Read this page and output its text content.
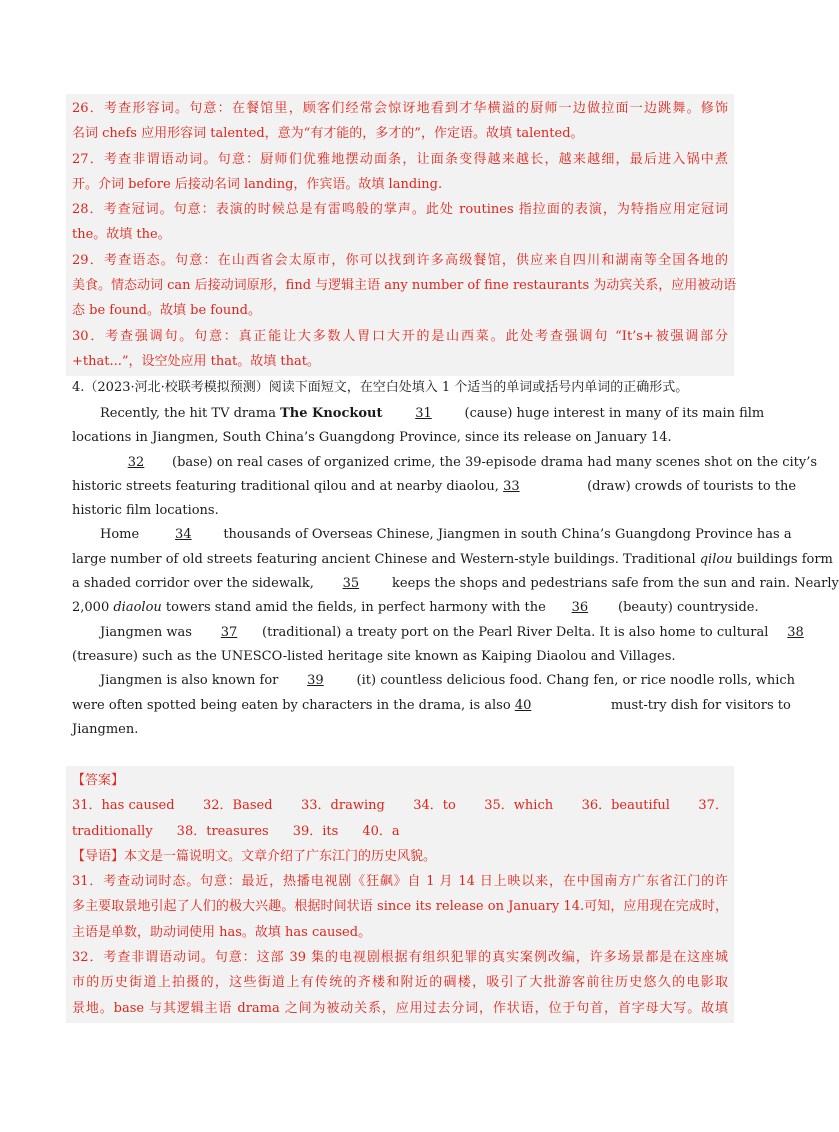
26．考查形容词。句意：在餐馆里，顾客们经常会惊讶地看到才华横溢的厨师一边做拉面一边跳舞。修饰
名词 chefs 应用形容词 talented，意为“有才能的，多才的”，作定语。故填 talented。
27．考查非谓语动词。句意：厨师们优雅地摆动面条，让面条变得越来越长，越来越细，最后进入锅中煮
开。介词 before 后接动名词 landing，作宾语。故填 landing.
28．考查冠词。句意：表演的时候总是有雷鸣般的掌声。此处 routines 指拉面的表演，为特指应用定冠词
the。故填 the。
29．考查语态。句意：在山西省会太原市，你可以找到许多高级餐馆，供应来自四川和湖南等全国各地的
美食。情态动词 can 后接动词原形，find 与逻辑主语 any number of fine restaurants 为动宾关系，应用被动语
态 be found。故填 be found。
30．考查强调句。句意：真正能让大多数人胃口大开的是山西菜。此处考查强调句 “It’s+被强调部分
+that...”，设空处应用 that。故填 that。
4.（2023·河北·校联考模拟预测）阅读下面短文，在空白处填入 1 个适当的单词或括号内单词的正确形式。
Recently, the hit TV drama The Knockout	31	(cause) huge interest in many of its main film
locations in Jiangmen, South China’s Guangdong Province, since its release on January 14.
32 (base) on real cases of organized crime, the 39-episode drama had many scenes shot on the city’s
historic streets featuring traditional qilou and at nearby diaolou, 33	(draw) crowds of tourists to the
historic film locations.
Home	34 thousands of Overseas Chinese, Jiangmen in south China’s Guangdong Province has a
large number of old streets featuring ancient Chinese and Western-style buildings. Traditional qilou buildings form
a shaded corridor over the sidewalk, 35 keeps the shops and pedestrians safe from the sun and rain. Nearly
2,000 diaolou towers stand amid the fields, in perfect harmony with the 36 (beauty) countryside.
Jiangmen was 37 (traditional) a treaty port on the Pearl River Delta. It is also home to cultural 38
(treasure) such as the UNESCO-listed heritage site known as Kaiping Diaolou and Villages.
Jiangmen is also known for 39 (it) countless delicious food. Chang fen, or rice noodle rolls, which
were often spotted being eaten by characters in the drama, is also 40	must-try dish for visitors to
Jiangmen.
【答案】
31．has caused 32．Based 33．drawing 34．to 35．which 36．beautiful 37．
traditionally 38．treasures 39．its 40．a
【导语】本文是一篇说明文。文章介绍了广东江门的历史风貌。
31．考查动词时态。句意：最近，热播电视剧《狂飙》自 1 月 14 日上映以来，在中国南方广东省江门的许
多主要取景地引起了人们的极大兴趣。根据时间状语 since its release on January 14.可知，应用现在完成时，
主语是单数，助动词使用 has。故填 has caused。
32．考查非谓语动词。句意：这部 39 集的电视剧根据有组织犯罪的真实案例改编，许多场景都是在这座城
市的历史街道上拍摄的，这些街道上有传统的齐楼和附近的碉楼，吸引了大批游客前往历史悠久的电影取
景地。base 与其逻辑主语 drama 之间为被动关系，应用过去分词，作状语，位于句首，首字母大写。故填
